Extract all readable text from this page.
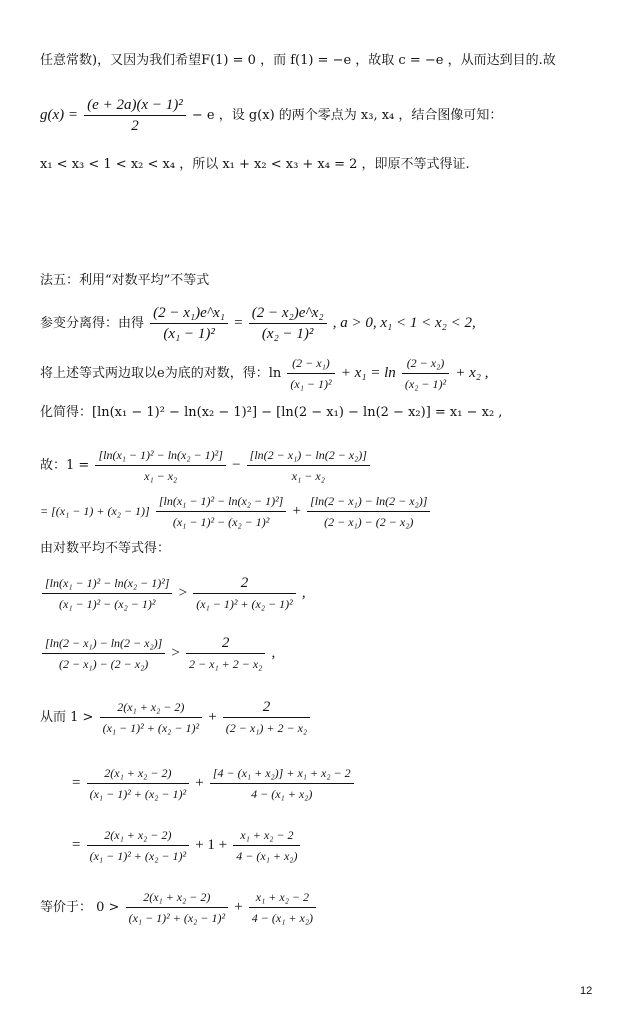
任意常数)，又因为我们希望F(1) = 0 ，而 f(1) = −e ，故取 c = −e ，从而达到目的.故
$g(x) = \frac{\text{(e + 2a)(x − 1)²}}{2} - e$ ，设 g(x) 的两个零点为 x₃, x₄ ，结合图像可知：
x₁ < x₃ < 1 < x₂ < x₄ ，所以 x₁ + x₂ < x₃ + x₄ = 2 ，即原不等式得证.
法五：利用“对数平均”不等式
参变分离得：由得 $\frac{\text{(2 − x₁)e\textasciicircum{}x₁}}{\text{(x₁ − 1)²}} = \frac{\text{(2 − x₂)e\textasciicircum{}x₂}}{\text{(x₂ − 1)²}}$ , a > 0, x₁ < 1 < x₂ < 2,
将上述等式两边取以e为底的对数，得：$\ln \frac{\text{(2 − x₁)}}{\text{(x₁ − 1)²}} + x_1 = \ln \frac{\text{(2 − x₂)}}{\text{(x₂ − 1)²}} + x_2$ ,
化简得：[ln(x₁ − 1)² − ln(x₂ − 1)²] − [ln(2 − x₁) − ln(2 − x₂)] = x₁ − x₂ ,
故：$1 = \frac{\text{[ln(x₁ − 1)² − ln(x₂ − 1)²]}}{\text{x₁ − x₂}} - \frac{\text{[ln(2 − x₁) − ln(2 − x₂)]}}{\text{x₁ − x₂}}$
= $[(x_1 - 1) + (x_2 - 1)] \frac{\text{[ln(x₁ − 1)² − ln(x₂ − 1)²]}}{\text{(x₁ − 1)² − (x₂ − 1)²}} + \frac{\text{[ln(2 − x₁) − ln(2 − x₂)]}}{\text{(2 − x₁) − (2 − x₂)}}$
由对数平均不等式得：
$\frac{\text{[ln(x₁ − 1)² − ln(x₂ − 1)²]}}{\text{(x₁ − 1)² − (x₂ − 1)²}} > \frac{2}{\text{(x₁ − 1)² + (x₂ − 1)²}}$ ,
$\frac{\text{[ln(2 − x₁) − ln(2 − x₂)]}}{\text{(2 − x₁) − (2 − x₂)}} > \frac{2}{\text{2 − x₁ + 2 − x₂}}$ ,
从而 $1 > \frac{\text{2(x₁ + x₂ − 2)}}{\text{(x₁ − 1)² + (x₂ − 1)²}} + \frac{2}{\text{(2 − x₁) + 2 − x₂}}$
= $\frac{\text{2(x₁ + x₂ − 2)}}{\text{(x₁ − 1)² + (x₂ − 1)²}} + \frac{\text{[4 − (x₁ + x₂)] + x₁ + x₂ − 2}}{\text{4 − (x₁ + x₂)}}$
= $\frac{\text{2(x₁ + x₂ − 2)}}{\text{(x₁ − 1)² + (x₂ − 1)²}} + 1 + \frac{\text{x₁ + x₂ − 2}}{\text{4 − (x₁ + x₂)}}$
等价于： $0 > \frac{\text{2(x₁ + x₂ − 2)}}{\text{(x₁ − 1)² + (x₂ − 1)²}} + \frac{\text{x₁ + x₂ − 2}}{\text{4 − (x₁ + x₂)}}$
12
